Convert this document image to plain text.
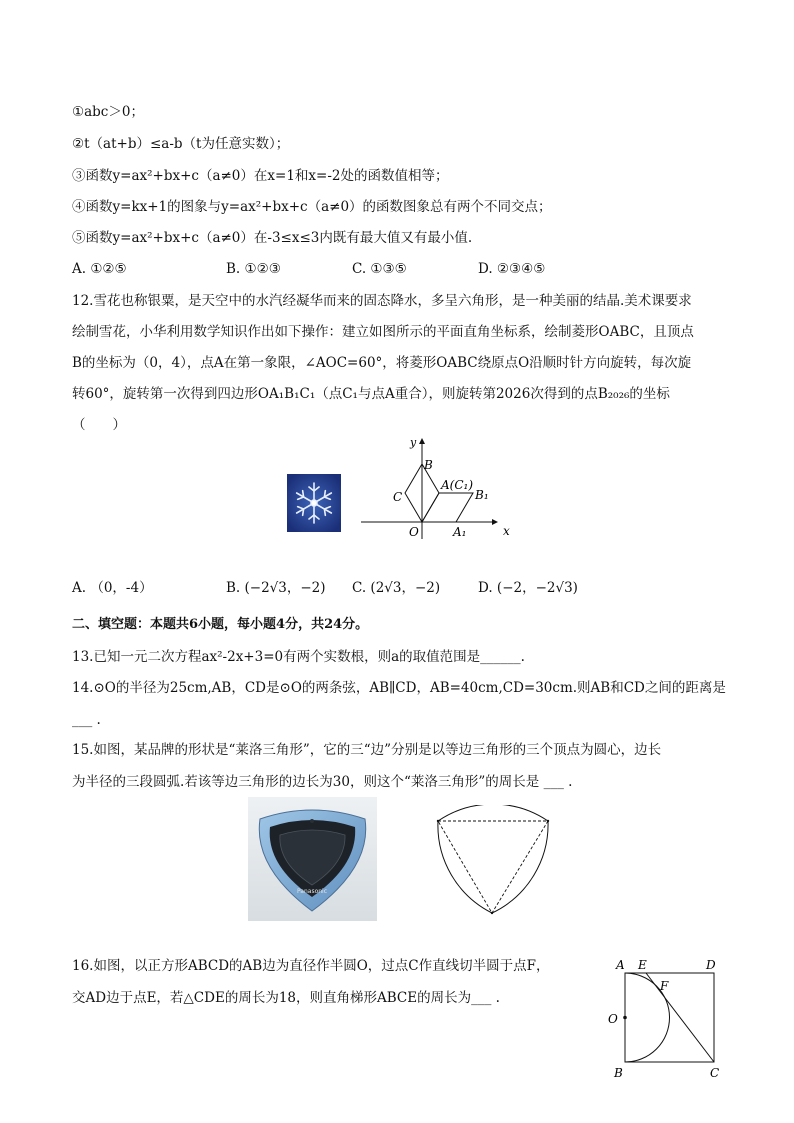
①abc＞0；
②t（at+b）≤a-b（t为任意实数）；
③函数y=ax²+bx+c（a≠0）在x=1和x=-2处的函数值相等；
④函数y=kx+1的图象与y=ax²+bx+c（a≠0）的函数图象总有两个不同交点；
⑤函数y=ax²+bx+c（a≠0）在-3≤x≤3内既有最大值又有最小值.
A. ①②⑤	B. ①②③	C. ①③⑤	D. ②③④⑤
12.雪花也称银粟，是天空中的水汽经凝华而来的固态降水，多呈六角形，是一种美丽的结晶.美术课要求
绘制雪花，小华利用数学知识作出如下操作：建立如图所示的平面直角坐标系，绘制菱形OABC，且顶点
B的坐标为（0，4），点A在第一象限，∠AOC=60°，将菱形OABC绕原点O沿顺时针方向旋转，每次旋
转60°，旋转第一次得到四边形OA₁B₁C₁（点C₁与点A重合），则旋转第2026次得到的点B₂₀₂₆的坐标
（　　）
y
x
B
A(C₁)
B₁
C
O	A₁
A. （0，-4）	B. (−2√3，−2) C. (2√3，−2)	D. (−2，−2√3)
二、填空题：本题共6小题，每小题4分，共24分。
13.已知一元二次方程ax²-2x+3=0有两个实数根，则a的取值范围是______.
14.⊙O的半径为25cm,AB，CD是⊙O的两条弦，AB∥CD，AB=40cm,CD=30cm.则AB和CD之间的距离是
___ .
15.如图，某品牌的形状是“莱洛三角形”，它的三“边”分别是以等边三角形的三个顶点为圆心，边长
为半径的三段圆弧.若该等边三角形的边长为30，则这个“莱洛三角形”的周长是 ___ .
Panasonic
16.如图，以正方形ABCD的AB边为直径作半圆O，过点C作直线切半圆于点F，
交AD边于点E，若△CDE的周长为18，则直角梯形ABCE的周长为___ .
A E	D
F
O
B	C
